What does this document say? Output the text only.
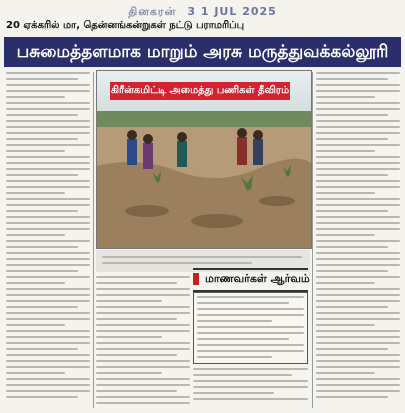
தினகரன் 3 1 JUL 2025
20 ஏக்கரில் மா, தென்னங்கன்றுகள் நட்டு பராமரிப்பு
பசுமைத்தளமாக மாறும் அரசு மருத்துவக்கல்லூரி
கிரீன்கமிட்டி அமைத்து பணிகள் தீவிரம்
மாணவர்கள் ஆர்வம்
